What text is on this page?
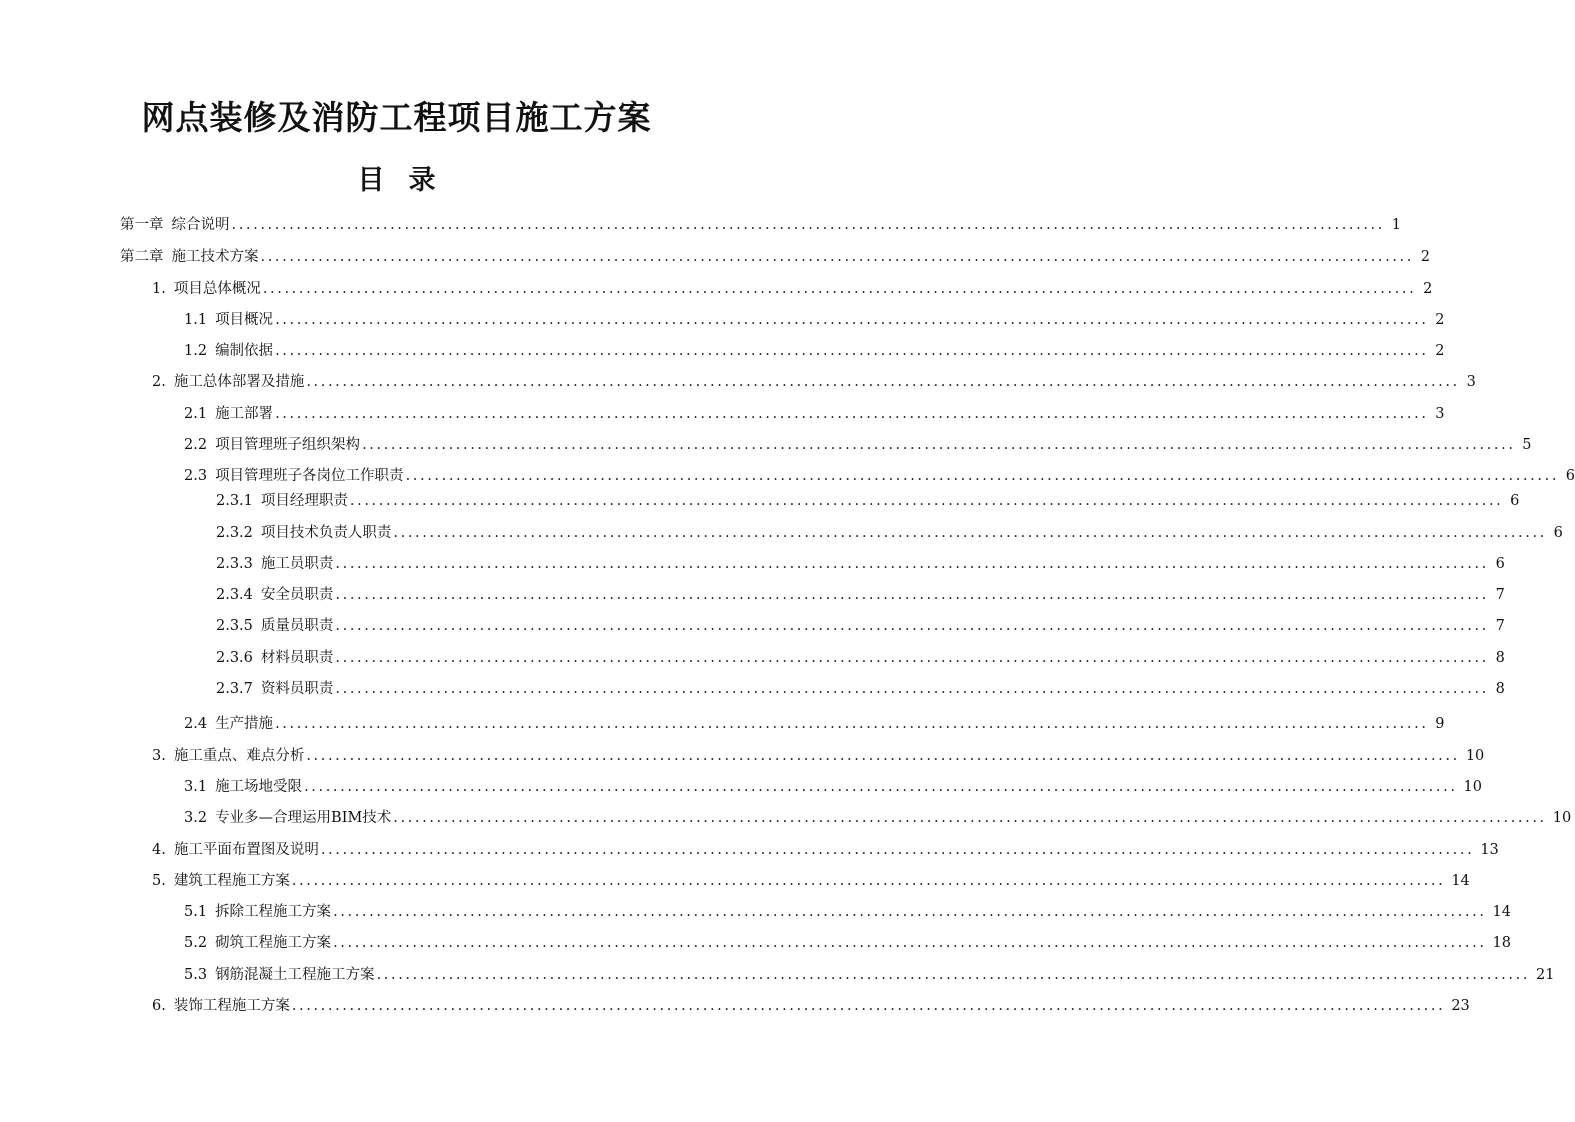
网点装修及消防工程项目施工方案
目录
第一章 综合说明 ................................................................................................................................................................ 1
第二章 施工技术方案 ................................................................................................................................................................ 2
1. 项目总体概况 ................................................................................................................................................................ 2
1.1 项目概况 ................................................................................................................................................................ 2
1.2 编制依据 ................................................................................................................................................................ 2
2. 施工总体部署及措施 ................................................................................................................................................................ 3
2.1 施工部署 ................................................................................................................................................................ 3
2.2 项目管理班子组织架构 ................................................................................................................................................................ 5
2.3 项目管理班子各岗位工作职责 ................................................................................................................................................................ 6
2.3.1 项目经理职责 ................................................................................................................................................................ 6
2.3.2 项目技术负责人职责 ................................................................................................................................................................ 6
2.3.3 施工员职责 ................................................................................................................................................................ 6
2.3.4 安全员职责 ................................................................................................................................................................ 7
2.3.5 质量员职责 ................................................................................................................................................................ 7
2.3.6 材料员职责 ................................................................................................................................................................ 8
2.3.7 资料员职责 ................................................................................................................................................................ 8
2.4 生产措施 ................................................................................................................................................................ 9
3. 施工重点、难点分析 ................................................................................................................................................................ 10
3.1 施工场地受限 ................................................................................................................................................................ 10
3.2 专业多—合理运用BIM技术 ................................................................................................................................................................ 10
4. 施工平面布置图及说明 ................................................................................................................................................................ 13
5. 建筑工程施工方案 ................................................................................................................................................................ 14
5.1 拆除工程施工方案 ................................................................................................................................................................ 14
5.2 砌筑工程施工方案 ................................................................................................................................................................ 18
5.3 钢筋混凝土工程施工方案 ................................................................................................................................................................ 21
6. 装饰工程施工方案 ................................................................................................................................................................ 23
